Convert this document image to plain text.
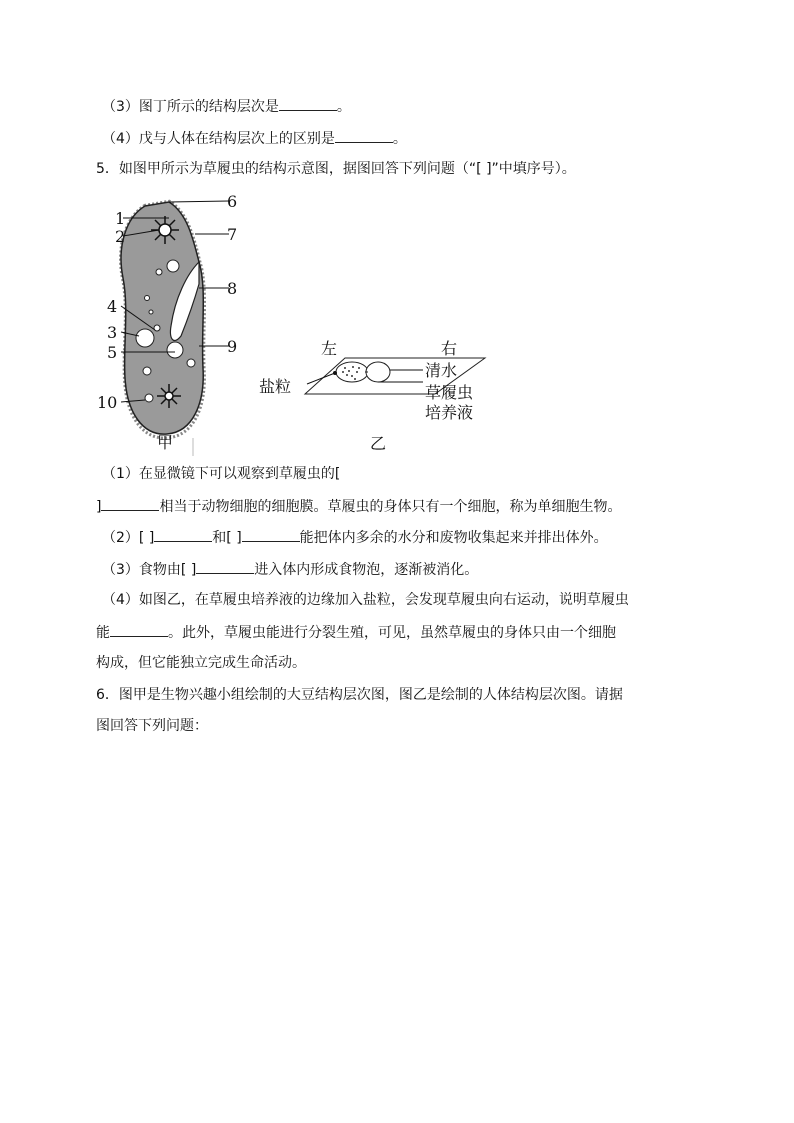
（3）图丁所示的结构层次是	。
（4）戊与人体在结构层次上的区别是	。
5．如图甲所示为草履虫的结构示意图，据图回答下列问题（“[ ]”中填序号）。
1
2
3
4
5
6
7
8
9
10
甲
左	右
盐粒
清水
草履虫
培养液
乙
（1）在显微镜下可以观察到草履虫的[
]	相当于动物细胞的细胞膜。草履虫的身体只有一个细胞，称为单细胞生物。
（2）[ ]	和[ ]	能把体内多余的水分和废物收集起来并排出体外。
（3）食物由[ ]	进入体内形成食物泡，逐渐被消化。
（4）如图乙，在草履虫培养液的边缘加入盐粒，会发现草履虫向右运动，说明草履虫
能	。此外，草履虫能进行分裂生殖，可见，虽然草履虫的身体只由一个细胞
构成，但它能独立完成生命活动。
6．图甲是生物兴趣小组绘制的大豆结构层次图，图乙是绘制的人体结构层次图。请据
图回答下列问题：
